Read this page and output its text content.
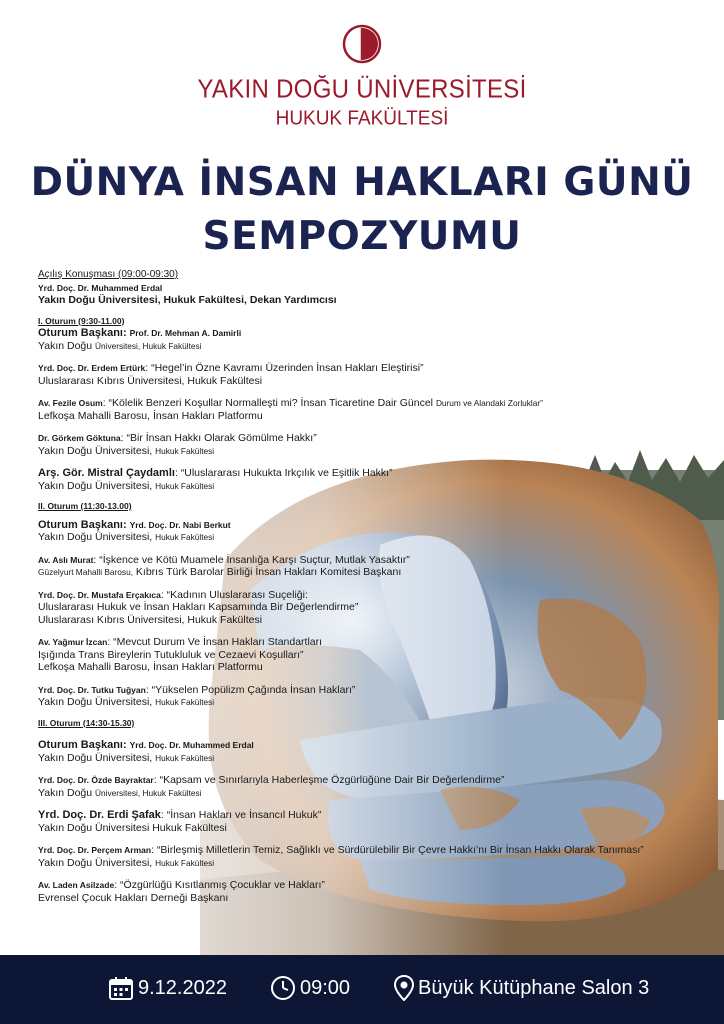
YAKIN DOĞU ÜNİVERSİTESİ
HUKUK FAKÜLTESİ
DÜNYA İNSAN HAKLARI GÜNÜ
SEMPOZYUMU
Açılış Konuşması (09:00-09:30)
Yrd. Doç. Dr. Muhammed Erdal
Yakın Doğu Üniversitesi, Hukuk Fakültesi, Dekan Yardımcısı
I. Oturum (9:30-11.00)
Oturum Başkanı: Prof. Dr. Mehman A. Damirli
Yakın Doğu Üniversitesi, Hukuk Fakültesi
Yrd. Doç. Dr. Erdem Ertürk: “Hegel’in Özne Kavramı Üzerinden İnsan Hakları Eleştirisi”
Uluslararası Kıbrıs Üniversitesi, Hukuk Fakültesi
Av. Fezile Osum: “Kölelik Benzeri Koşullar Normalleşti mi? İnsan Ticaretine Dair Güncel Durum ve Alandaki Zorluklar”
Lefkoşa Mahalli Barosu, İnsan Hakları Platformu
Dr. Görkem Göktuna: “Bir İnsan Hakkı Olarak Gömülme Hakkı”
Yakın Doğu Üniversitesi, Hukuk Fakültesi
Arş. Gör. Mistral Çaydamlı: “Uluslararası Hukukta Irkçılık ve Eşitlik Hakkı”
Yakın Doğu Üniversitesi, Hukuk Fakültesi
II. Oturum (11:30-13.00)
Oturum Başkanı: Yrd. Doç. Dr. Nabi Berkut
Yakın Doğu Üniversitesi, Hukuk Fakültesi
Av. Aslı Murat: “İşkence ve Kötü Muamele İnsanlığa Karşı Suçtur, Mutlak Yasaktır”
Güzelyurt Mahalli Barosu, Kıbrıs Türk Barolar Birliği İnsan Hakları Komitesi Başkanı
Yrd. Doç. Dr. Mustafa Erçakıca: “Kadının Uluslararası Suçeliği:
Uluslararası Hukuk ve İnsan Hakları Kapsamında Bir Değerlendirme”
Uluslararası Kıbrıs Üniversitesi, Hukuk Fakültesi
Av. Yağmur İzcan: “Mevcut Durum Ve İnsan Hakları Standartları
Işığında Trans Bireylerin Tutukluluk ve Cezaevi Koşulları”
Lefkoşa Mahalli Barosu, İnsan Hakları Platformu
Yrd. Doç. Dr. Tutku Tuğyan: “Yükselen Popülizm Çağında İnsan Hakları”
Yakın Doğu Üniversitesi, Hukuk Fakültesi
III. Oturum (14:30-15.30)
Oturum Başkanı: Yrd. Doç. Dr. Muhammed Erdal
Yakın Doğu Üniversitesi, Hukuk Fakültesi
Yrd. Doç. Dr. Özde Bayraktar: “Kapsam ve Sınırlarıyla Haberleşme Özgürlüğüne Dair Bir Değerlendirme”
Yakın Doğu Üniversitesi, Hukuk Fakültesi
Yrd. Doç. Dr. Erdi Şafak: “İnsan Hakları ve İnsancıl Hukuk”
Yakın Doğu Üniversitesi Hukuk Fakültesi
Yrd. Doç. Dr. Perçem Arman: “Birleşmiş Milletlerin Temiz, Sağlıklı ve Sürdürülebilir Bir Çevre Hakkı’nı Bir İnsan Hakkı Olarak Tanıması”
Yakın Doğu Üniversitesi, Hukuk Fakültesi
Av. Laden Asilzade: “Özgürlüğü Kısıtlanmış Çocuklar ve Hakları”
Evrensel Çocuk Hakları Derneği Başkanı
9.12.2022	09:00	Büyük Kütüphane Salon 3
